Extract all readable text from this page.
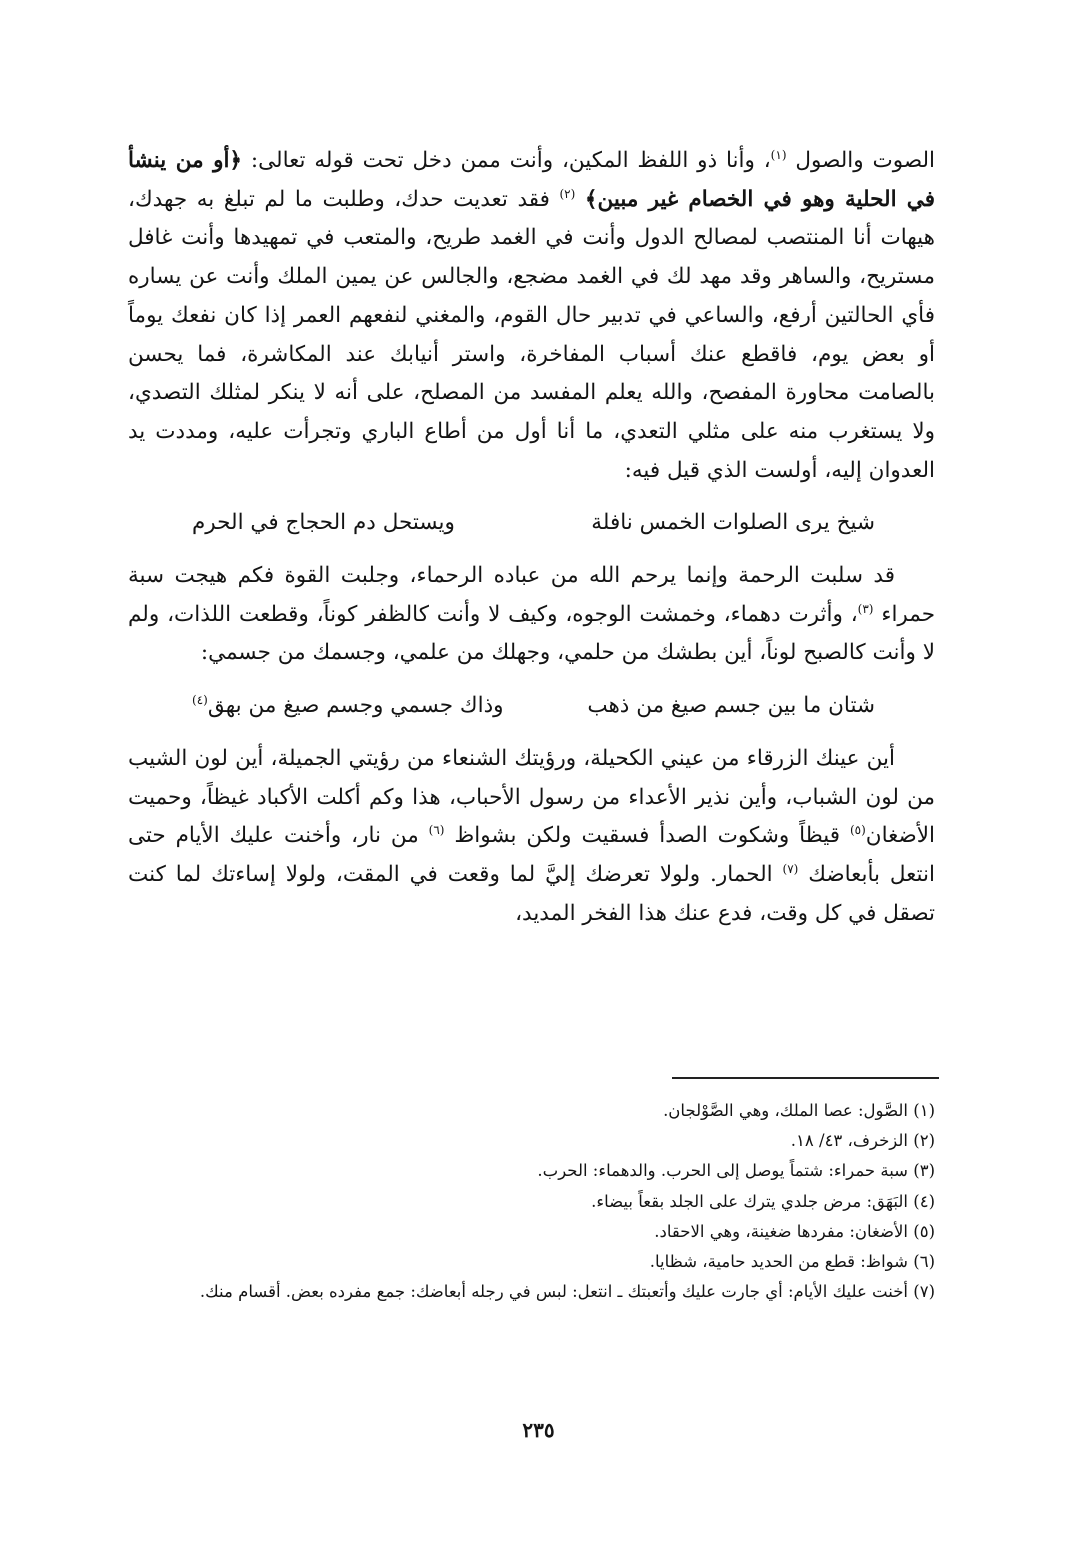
الصوت والصول $^{(١)}$، وأنا ذو اللفظ المكين، وأنت ممن دخل تحت قوله تعالى: ﴿أو من ينشأ في الحلية وهو في الخصام غير مبين﴾ $^{(٢)}$ فقد تعديت حدك، وطلبت ما لم تبلغ به جهدك، هيهات أنا المنتصب لمصالح الدول وأنت في الغمد طريح، والمتعب في تمهيدها وأنت غافل مستريح، والساهر وقد مهد لك في الغمد مضجع، والجالس عن يمين الملك وأنت عن يساره فأي الحالتين أرفع، والساعي في تدبير حال القوم، والمغني لنفعهم العمر إذا كان نفعك يوماً أو بعض يوم، فاقطع عنك أسباب المفاخرة، واستر أنيابك عند المكاشرة، فما يحسن بالصامت محاورة المفصح، والله يعلم المفسد من المصلح، على أنه لا ينكر لمثلك التصدي، ولا يستغرب منه على مثلي التعدي، ما أنا أول من أطاع الباري وتجرأت عليه، ومددت يد العدوان إليه، أولست الذي قيل فيه:

شيخ يرى الصلوات الخمس نافلة
ويستحل دم الحجاج في الحرم

قد سلبت الرحمة وإنما يرحم الله من عباده الرحماء، وجلبت القوة فكم هيجت سبة حمراء $^{(٣)}$، وأثرت دهماء، وخمشت الوجوه، وكيف لا وأنت كالظفر كوناً، وقطعت اللذات، ولم لا وأنت كالصبح لوناً، أين بطشك من حلمي، وجهلك من علمي، وجسمك من جسمي:

شتان ما بين جسم صيغ من ذهب
وذاك جسمي وجسم صيغ من بهق(٤)

أين عينك الزرقاء من عيني الكحيلة، ورؤيتك الشنعاء من رؤيتي الجميلة، أين لون الشيب من لون الشباب، وأين نذير الأعداء من رسول الأحباب، هذا وكم أكلت الأكباد غيظاً، وحميت الأضغان$^{(٥)}$ قيظاً وشكوت الصدأ فسقيت ولكن بشواظ $^{(٦)}$ من نار، وأخنت عليك الأيام حتى انتعل بأبعاضك $^{(٧)}$ الحمار. ولولا تعرضك إليَّ لما وقعت في المقت، ولولا إساءتك لما كنت تصقل في كل وقت، فدع عنك هذا الفخر المديد،

(١) الصَّول: عصا الملك، وهي الصَّوْلجان.

(٢) الزخرف، ٤٣/ ١٨.

(٣) سبة حمراء: شتماً يوصل إلى الحرب. والدهماء: الحرب.

(٤) البَهَق: مرض جلدي يترك على الجلد بقعاً بيضاء.

(٥) الأضغان: مفردها ضغينة، وهي الاحقاد.

(٦) شواظ: قطع من الحديد حامية، شظايا.

(٧) أخنت عليك الأيام: أي جارت عليك وأتعبتك ـ انتعل: لبس في رجله أبعاضك: جمع مفرده بعض. أقسام منك.

٢٣٥
